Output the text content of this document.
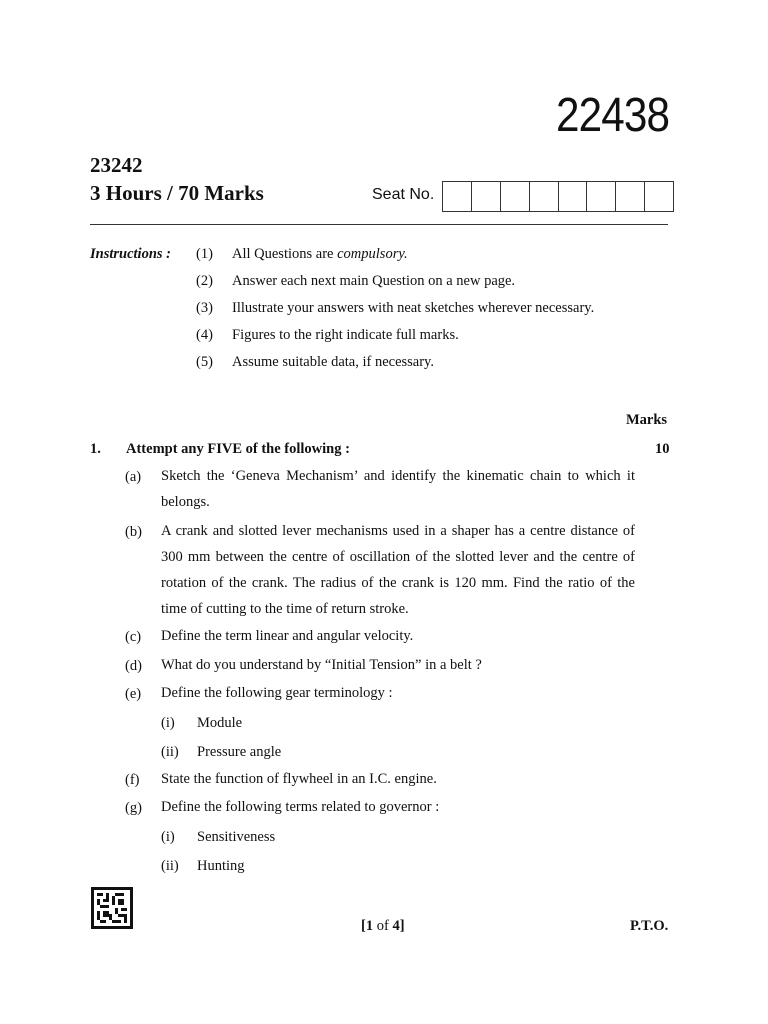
22438
23242
3 Hours / 70 Marks	Seat No.
Instructions : (1) All Questions are compulsory.
(2) Answer each next main Question on a new page.
(3) Illustrate your answers with neat sketches wherever necessary.
(4) Figures to the right indicate full marks.
(5) Assume suitable data, if necessary.
Marks
1. Attempt any FIVE of the following :	10
(a) Sketch the ‘Geneva Mechanism’ and identify the kinematic chain to which it belongs.
(b) A crank and slotted lever mechanisms used in a shaper has a centre distance of 300 mm between the centre of oscillation of the slotted lever and the centre of rotation of the crank. The radius of the crank is 120 mm. Find the ratio of the time of cutting to the time of return stroke.
(c) Define the term linear and angular velocity.
(d) What do you understand by “Initial Tension” in a belt ?
(e) Define the following gear terminology :
(i) Module
(ii) Pressure angle
(f) State the function of flywheel in an I.C. engine.
(g) Define the following terms related to governor :
(i) Sensitiveness
(ii) Hunting
[1 of 4]	P.T.O.
